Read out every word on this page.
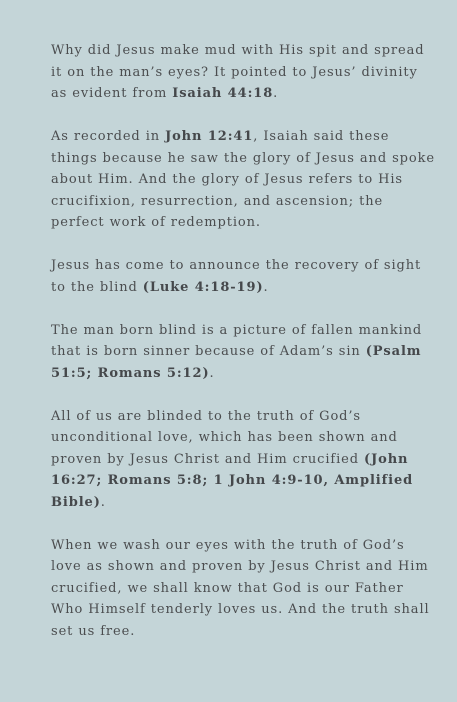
Why did Jesus make mud with His spit and spread it on the man’s eyes? It pointed to Jesus’ divinity as evident from Isaiah 44:18.

As recorded in John 12:41, Isaiah said these things because he saw the glory of Jesus and spoke about Him. And the glory of Jesus refers to His crucifixion, resurrection, and ascension; the perfect work of redemption.

Jesus has come to announce the recovery of sight to the blind (Luke 4:18-19).

The man born blind is a picture of fallen mankind that is born sinner because of Adam’s sin (Psalm 51:5; Romans 5:12).

All of us are blinded to the truth of God’s unconditional love, which has been shown and proven by Jesus Christ and Him crucified (John 16:27; Romans 5:8; 1 John 4:9-10, Amplified Bible).

When we wash our eyes with the truth of God’s love as shown and proven by Jesus Christ and Him crucified, we shall know that God is our Father Who Himself tenderly loves us. And the truth shall set us free.
